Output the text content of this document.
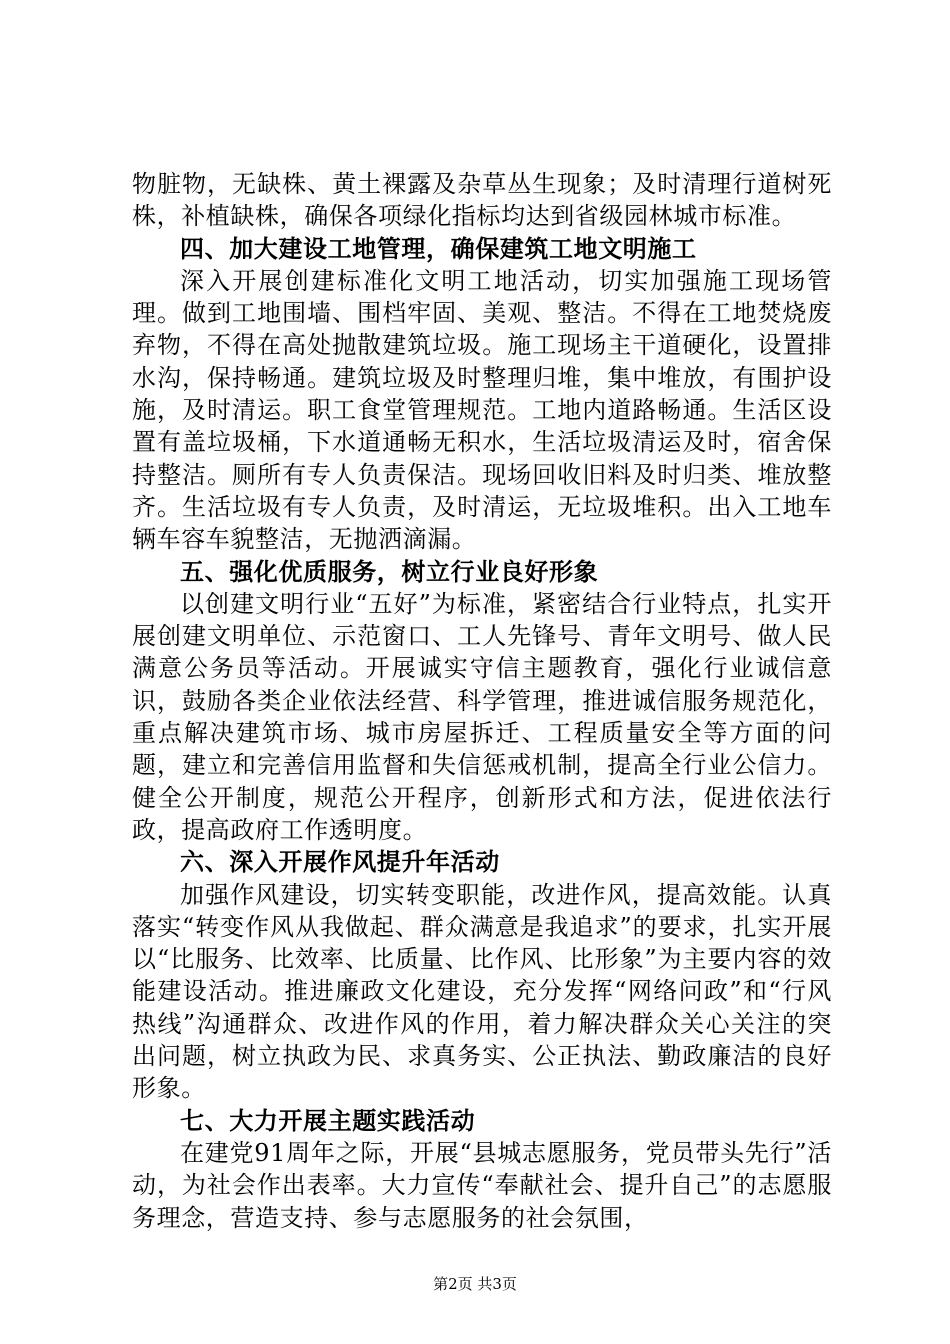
物脏物，无缺株、黄土裸露及杂草丛生现象；及时清理行道树死株，补植缺株，确保各项绿化指标均达到省级园林城市标准。

四、加大建设工地管理，确保建筑工地文明施工

深入开展创建标准化文明工地活动，切实加强施工现场管理。做到工地围墙、围档牢固、美观、整洁。不得在工地焚烧废弃物，不得在高处抛散建筑垃圾。施工现场主干道硬化，设置排水沟，保持畅通。建筑垃圾及时整理归堆，集中堆放，有围护设施，及时清运。职工食堂管理规范。工地内道路畅通。生活区设置有盖垃圾桶，下水道通畅无积水，生活垃圾清运及时，宿舍保持整洁。厕所有专人负责保洁。现场回收旧料及时归类、堆放整齐。生活垃圾有专人负责，及时清运，无垃圾堆积。出入工地车辆车容车貌整洁，无抛洒滴漏。

五、强化优质服务，树立行业良好形象

以创建文明行业“五好”为标准，紧密结合行业特点，扎实开展创建文明单位、示范窗口、工人先锋号、青年文明号、做人民满意公务员等活动。开展诚实守信主题教育，强化行业诚信意识，鼓励各类企业依法经营、科学管理，推进诚信服务规范化，重点解决建筑市场、城市房屋拆迁、工程质量安全等方面的问题，建立和完善信用监督和失信惩戒机制，提高全行业公信力。健全公开制度，规范公开程序，创新形式和方法，促进依法行政，提高政府工作透明度。

六、深入开展作风提升年活动

加强作风建设，切实转变职能，改进作风，提高效能。认真落实“转变作风从我做起、群众满意是我追求”的要求，扎实开展以“比服务、比效率、比质量、比作风、比形象”为主要内容的效能建设活动。推进廉政文化建设，充分发挥“网络问政”和“行风热线”沟通群众、改进作风的作用，着力解决群众关心关注的突出问题，树立执政为民、求真务实、公正执法、勤政廉洁的良好形象。

七、大力开展主题实践活动

在建党91周年之际，开展“县城志愿服务，党员带头先行”活动，为社会作出表率。大力宣传“奉献社会、提升自己”的志愿服务理念，营造支持、参与志愿服务的社会氛围，

第2页 共3页
